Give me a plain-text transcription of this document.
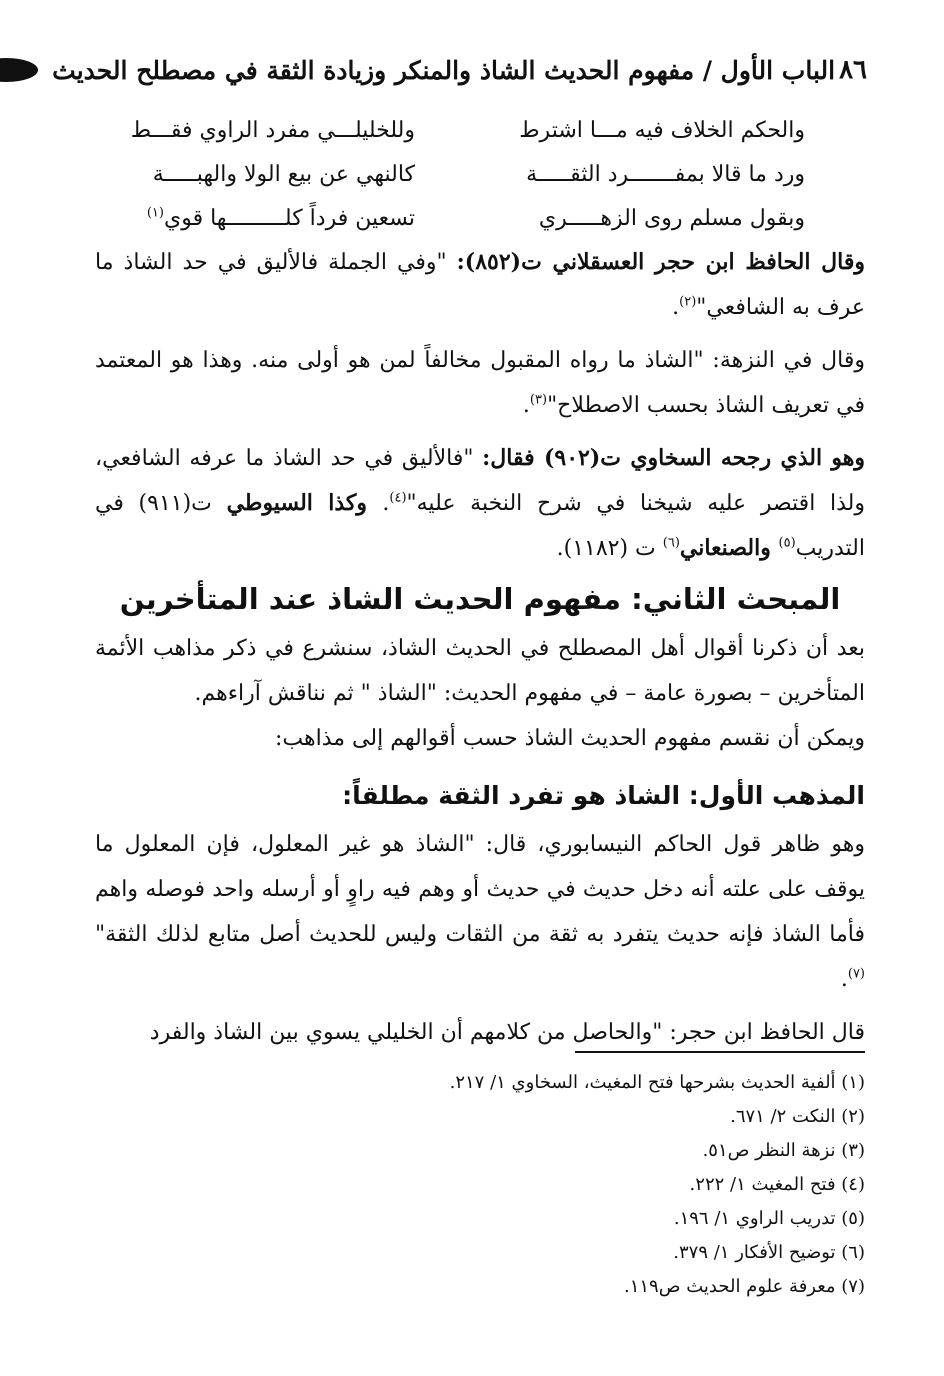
٨٦
الباب الأول / مفهوم الحديث الشاذ والمنكر وزيادة الثقة في مصطلح الحديث
والحكم الخلاف فيه مـــا اشترط
وللخليلـــي مفرد الراوي فقـــط
ورد ما قالا بمفـــــــرد الثقـــــة
كالنهي عن بيع الولا والهبـــــة
وبقول مسلم روى الزهـــــري
تسعين فرداً كلـــــــــها قوي$^{(١)}$

وقال الحافظ ابن حجر العسقلاني ت(٨٥٢): "وفي الجملة فالأليق في حد الشاذ ما عرف به الشافعي"$^{(٢)}$.

وقال في النزهة: "الشاذ ما رواه المقبول مخالفاً لمن هو أولى منه. وهذا هو المعتمد في تعريف الشاذ بحسب الاصطلاح"$^{(٣)}$.

وهو الذي رجحه السخاوي ت(٩٠٢) فقال: "فالأليق في حد الشاذ ما عرفه الشافعي، ولذا اقتصر عليه شيخنا في شرح النخبة عليه"$^{(٤)}$. وكذا السيوطي ت(٩١١) في التدريب$^{(٥)}$ والصنعاني$^{(٦)}$ ت (١١٨٢).

المبحث الثاني: مفهوم الحديث الشاذ عند المتأخرين

بعد أن ذكرنا أقوال أهل المصطلح في الحديث الشاذ، سنشرع في ذكر مذاهب الأئمة المتأخرين – بصورة عامة – في مفهوم الحديث: "الشاذ " ثم نناقش آراءهم.

ويمكن أن نقسم مفهوم الحديث الشاذ حسب أقوالهم إلى مذاهب:

المذهب الأول: الشاذ هو تفرد الثقة مطلقاً:

وهو ظاهر قول الحاكم النيسابوري، قال: "الشاذ هو غير المعلول، فإن المعلول ما يوقف على علته أنه دخل حديث في حديث أو وهم فيه راوٍ أو أرسله واحد فوصله واهم فأما الشاذ فإنه حديث يتفرد به ثقة من الثقات وليس للحديث أصل متابع لذلك الثقة"$^{(٧)}$.

قال الحافظ ابن حجر: "والحاصل من كلامهم أن الخليلي يسوي بين الشاذ والفرد

(١) ألفية الحديث بشرحها فتح المغيث، السخاوي ١/ ٢١٧.
(٢) النكت ٢/ ٦٧١.
(٣) نزهة النظر ص٥١.
(٤) فتح المغيث ١/ ٢٢٢.
(٥) تدريب الراوي ١/ ١٩٦.
(٦) توضيح الأفكار ١/ ٣٧٩.
(٧) معرفة علوم الحديث ص١١٩.
